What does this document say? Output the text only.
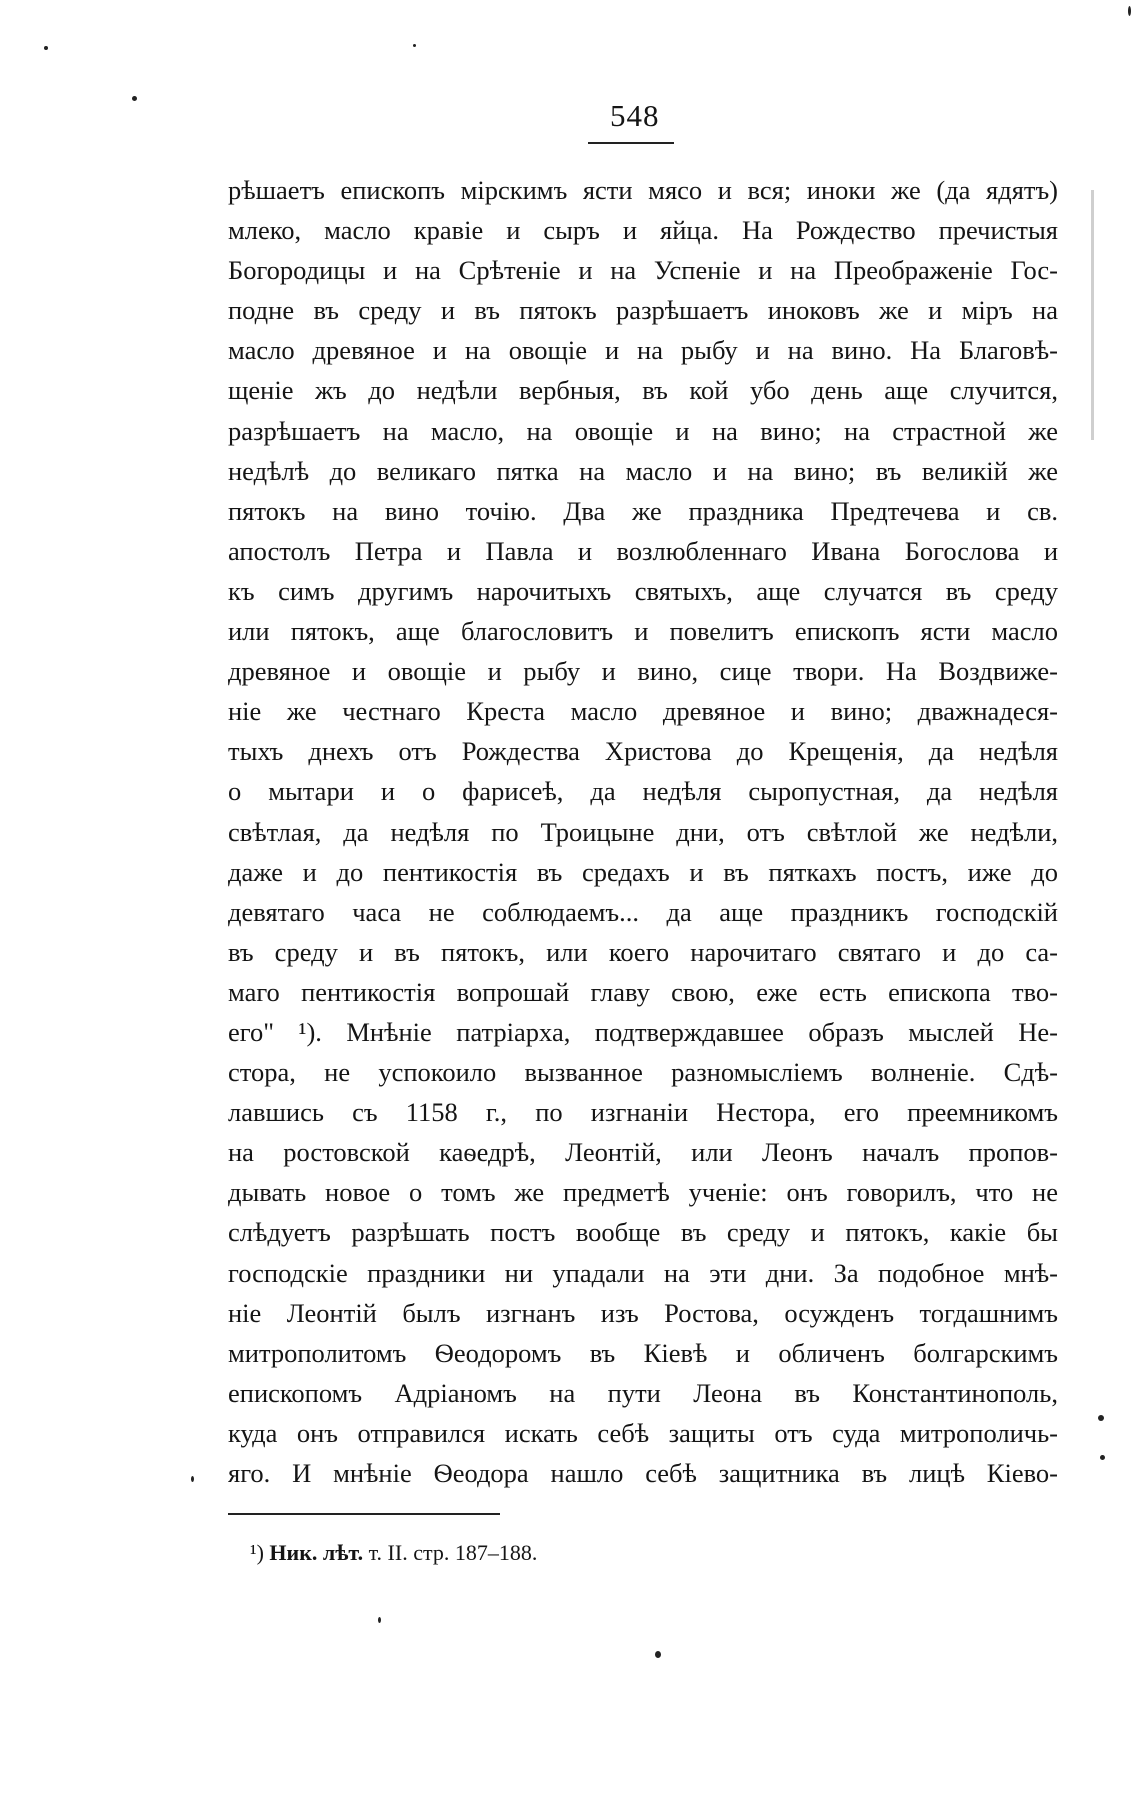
548
рѣшаетъ епископъ мірскимъ ясти мясо и вся; иноки же (да ядятъ)
млеко, масло кравіе и сыръ и яйца. На Рождество пречистыя
Богородицы и на Срѣтеніе и на Успеніе и на Преображеніе Гос-
подне въ среду и въ пятокъ разрѣшаетъ иноковъ же и міръ на
масло древяное и на овощіе и на рыбу и на вино. На Благовѣ-
щеніе жъ до недѣли вербныя, въ кой убо день аще случится,
разрѣшаетъ на масло, на овощіе и на вино; на страстной же
недѣлѣ до великаго пятка на масло и на вино; въ великій же
пятокъ на вино точію. Два же праздника Предтечева и св.
апостолъ Петра и Павла и возлюбленнаго Ивана Богослова и
къ симъ другимъ нарочитыхъ святыхъ, аще случатся въ среду
или пятокъ, аще благословитъ и повелитъ епископъ ясти масло
древяное и овощіе и рыбу и вино, сице твори. На Воздвиже-
ніе же честнаго Креста масло древяное и вино; дважнадеся-
тыхъ днехъ отъ Рождества Христова до Крещенія, да недѣля
о мытари и о фарисеѣ, да недѣля сыропустная, да недѣля
свѣтлая, да недѣля по Троицыне дни, отъ свѣтлой же недѣли,
даже и до пентикостія въ средахъ и въ пяткахъ постъ, иже до
девятаго часа не соблюдаемъ... да аще праздникъ господскій
въ среду и въ пятокъ, или коего нарочитаго святаго и до са-
маго пентикостія вопрошай главу свою, еже есть епископа тво-
его" ¹). Мнѣніе патріарха, подтверждавшее образъ мыслей Не-
стора, не успокоило вызванное разномысліемъ волненіе. Сдѣ-
лавшись съ 1158 г., по изгнаніи Нестора, его преемникомъ
на ростовской каѳедрѣ, Леонтій, или Леонъ началъ пропов-
дывать новое о томъ же предметѣ ученіе: онъ говорилъ, что не
слѣдуетъ разрѣшать постъ вообще въ среду и пятокъ, какіе бы
господскіе праздники ни упадали на эти дни. За подобное мнѣ-
ніе Леонтій былъ изгнанъ изъ Ростова, осужденъ тогдашнимъ
митрополитомъ Ѳеодоромъ въ Кіевѣ и обличенъ болгарскимъ
епископомъ Адріаномъ на пути Леона въ Константинополь,
куда онъ отправился искать себѣ защиты отъ суда митрополичь-
яго. И мнѣніе Ѳеодора нашло себѣ защитника въ лицѣ Кіево-
¹) Ник. лѣт. т. II. стр. 187–188.
